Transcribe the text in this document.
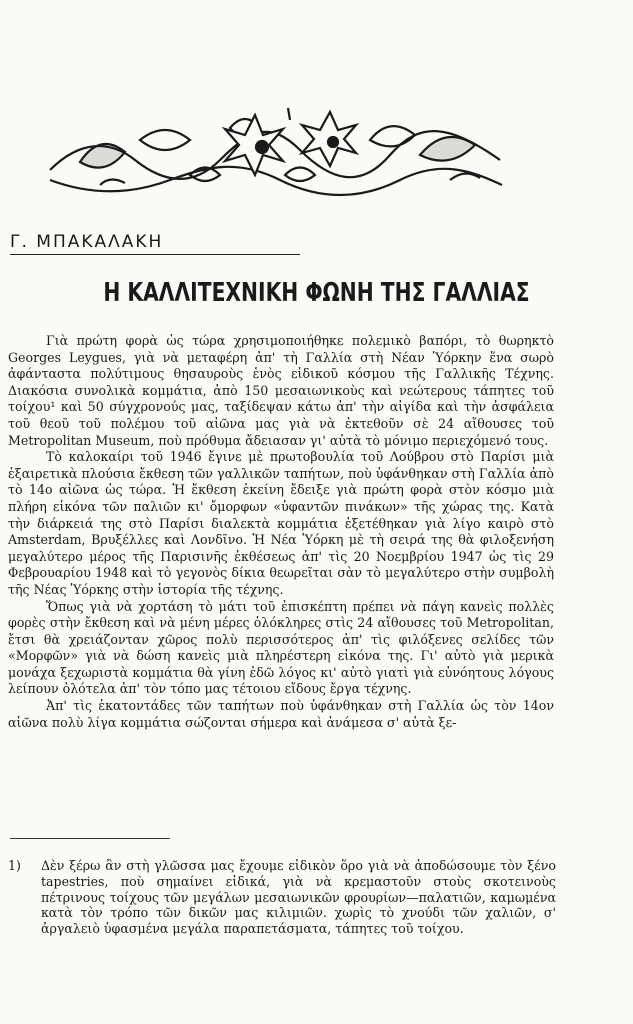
Γ. ΜΠΑΚΑΛΑΚΗ
Η ΚΑΛΛΙΤΕΧΝΙΚΗ ΦΩΝΗ ΤΗΣ ΓΑΛΛΙΑΣ

Γιὰ πρώτη φορὰ ὡς τώρα χρησιμοποιήθηκε πολεμικὸ βαπόρι, τὸ θωρηκτὸ Georges Leygues, γιὰ νὰ μεταφέρη ἀπ' τὴ Γαλλία στὴ Νέαν Ὑόρκην ἕνα σωρὸ ἀφάνταστα πολύτιμους θησαυροὺς ἑνὸς εἰδικοῦ κόσμου τῆς Γαλλικῆς Τέχνης. Διακόσια συνολικὰ κομμάτια, ἀπὸ 150 μεσαιωνικοὺς καὶ νεώτερους τάπητες τοῦ τοίχου¹ καὶ 50 σύγχρονούς μας, ταξίδεψαν κάτω ἀπ' τὴν αἰγίδα καὶ τὴν ἀσφάλεια τοῦ θεοῦ τοῦ πολέμου τοῦ αἰῶνα μας γιὰ νὰ ἐκτεθοῦν σὲ 24 αἴθουσες τοῦ Metropolitan Museum, ποὺ πρόθυμα ἄδειασαν γι' αὐτὰ τὸ μόνιμο περιεχόμενό τους.

Τὸ καλοκαίρι τοῦ 1946 ἔγινε μὲ πρωτοβουλία τοῦ Λούβρου στὸ Παρίσι μιὰ ἐξαιρετικὰ πλούσια ἔκθεση τῶν γαλλικῶν ταπήτων, ποὺ ὑφάνθηκαν στὴ Γαλλία ἀπὸ τὸ 14ο αἰῶνα ὡς τώρα. Ἡ ἔκθεση ἐκείνη ἔδειξε γιὰ πρώτη φορὰ στὸν κόσμο μιὰ πλήρη εἰκόνα τῶν παλιῶν κι' ὄμορφων «ὑφαντῶν πινάκων» τῆς χώρας της. Κατὰ τὴν διάρκειά της στὸ Παρίσι διαλεκτὰ κομμάτια ἐξετέθηκαν γιὰ λίγο καιρὸ στὸ Amsterdam, Βρυξέλλες καὶ Λονδῖνο. Ἡ Νέα Ὑόρκη μὲ τὴ σειρά της θὰ φιλοξενήση μεγαλύτερο μέρος τῆς Παρισινῆς ἐκθέσεως ἀπ' τὶς 20 Νοεμβρίου 1947 ὡς τὶς 29 Φεβρουαρίου 1948 καὶ τὸ γεγονὸς δίκια θεωρεῖται σὰν τὸ μεγαλύτερο στὴν συμβολὴ τῆς Νέας Ὑόρκης στὴν ἱστορία τῆς τέχνης.

Ὅπως γιὰ νὰ χορτάση τὸ μάτι τοῦ ἐπισκέπτη πρέπει νὰ πάγη κανεὶς πολλὲς φορὲς στὴν ἔκθεση καὶ νὰ μένη μέρες ὁλόκληρες στὶς 24 αἴθουσες τοῦ Metropolitan, ἔτσι θὰ χρειάζονταν χῶρος πολὺ περισσότερος ἀπ' τὶς φιλόξενες σελίδες τῶν «Μορφῶν» γιὰ νὰ δώση κανεὶς μιὰ πληρέστερη εἰκόνα της. Γι' αὐτὸ γιὰ μερικὰ μονάχα ξεχωριστὰ κομμάτια θὰ γίνη ἐδῶ λόγος κι' αὐτὸ γιατὶ γιὰ εὐνόητους λόγους λείπουν ὁλότελα ἀπ' τὸν τόπο μας τέτοιου εἴδους ἔργα τέχνης.

Ἀπ' τὶς ἑκατοντάδες τῶν ταπήτων ποὺ ὑφάνθηκαν στὴ Γαλλία ὡς τὸν 14ον αἰῶνα πολὺ λίγα κομμάτια σώζονται σήμερα καὶ ἀνάμεσα σ' αὐτὰ ξε-

1) Δὲν ξέρω ἂν στὴ γλῶσσα μας ἔχουμε εἰδικὸν ὅρο γιὰ νὰ ἀποδώσουμε τὸν ξένο tapestries, ποὺ σημαίνει εἰδικά, γιὰ νὰ κρεμαστοῦν στοὺς σκοτεινοὺς πέτρινους τοίχους τῶν μεγάλων μεσαιωνικῶν φρουρίων—παλατιῶν, καμωμένα κατὰ τὸν τρόπο τῶν δικῶν μας κιλιμιῶν. χωρὶς τὸ χνούδι τῶν χαλιῶν, σ' ἀργαλειὸ ὑφασμένα μεγάλα παραπετάσματα, τάπητες τοῦ τοίχου.
